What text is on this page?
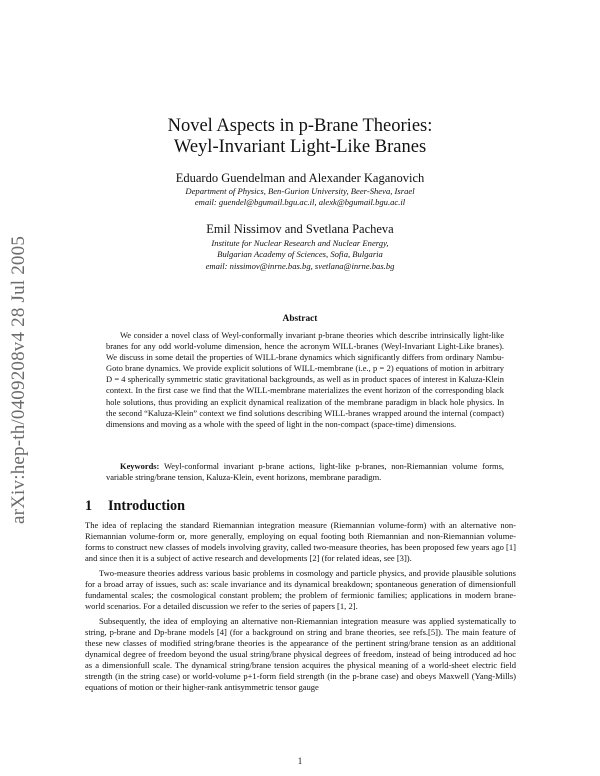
arXiv:hep-th/0409208v4 28 Jul 2005
Novel Aspects in p-Brane Theories:
Weyl-Invariant Light-Like Branes
Eduardo Guendelman and Alexander Kaganovich
Department of Physics, Ben-Gurion University, Beer-Sheva, Israel
email: guendel@bgumail.bgu.ac.il, alexk@bgumail.bgu.ac.il
Emil Nissimov and Svetlana Pacheva
Institute for Nuclear Research and Nuclear Energy,
Bulgarian Academy of Sciences, Sofia, Bulgaria
email: nissimov@inrne.bas.bg, svetlana@inrne.bas.bg
Abstract
We consider a novel class of Weyl-conformally invariant p-brane theories which describe intrinsically light-like branes for any odd world-volume dimension, hence the acronym WILL-branes (Weyl-Invariant Light-Like branes). We discuss in some detail the properties of WILL-brane dynamics which significantly differs from ordinary Nambu-Goto brane dynamics. We provide explicit solutions of WILL-membrane (i.e., p = 2) equations of motion in arbitrary D = 4 spherically symmetric static gravitational backgrounds, as well as in product spaces of interest in Kaluza-Klein context. In the first case we find that the WILL-membrane materializes the event horizon of the corresponding black hole solutions, thus providing an explicit dynamical realization of the membrane paradigm in black hole physics. In the second “Kaluza-Klein” context we find solutions describing WILL-branes wrapped around the internal (compact) dimensions and moving as a whole with the speed of light in the non-compact (space-time) dimensions.
Keywords: Weyl-conformal invariant p-brane actions, light-like p-branes, non-Riemannian volume forms, variable string/brane tension, Kaluza-Klein, event horizons, membrane paradigm.
1 Introduction

The idea of replacing the standard Riemannian integration measure (Riemannian volume-form) with an alternative non-Riemannian volume-form or, more generally, employing on equal footing both Riemannian and non-Riemannian volume-forms to construct new classes of models involving gravity, called two-measure theories, has been proposed few years ago [1] and since then it is a subject of active research and developments [2] (for related ideas, see [3]).

Two-measure theories address various basic problems in cosmology and particle physics, and provide plausible solutions for a broad array of issues, such as: scale invariance and its dynamical breakdown; spontaneous generation of dimensionfull fundamental scales; the cosmological constant problem; the problem of fermionic families; applications in modern brane-world scenarios. For a detailed discussion we refer to the series of papers [1, 2].

Subsequently, the idea of employing an alternative non-Riemannian integration measure was applied systematically to string, p-brane and Dp-brane models [4] (for a background on string and brane theories, see refs.[5]). The main feature of these new classes of modified string/brane theories is the appearance of the pertinent string/brane tension as an additional dynamical degree of freedom beyond the usual string/brane physical degrees of freedom, instead of being introduced ad hoc as a dimensionfull scale. The dynamical string/brane tension acquires the physical meaning of a world-sheet electric field strength (in the string case) or world-volume p+1-form field strength (in the p-brane case) and obeys Maxwell (Yang-Mills) equations of motion or their higher-rank antisymmetric tensor gauge

1
